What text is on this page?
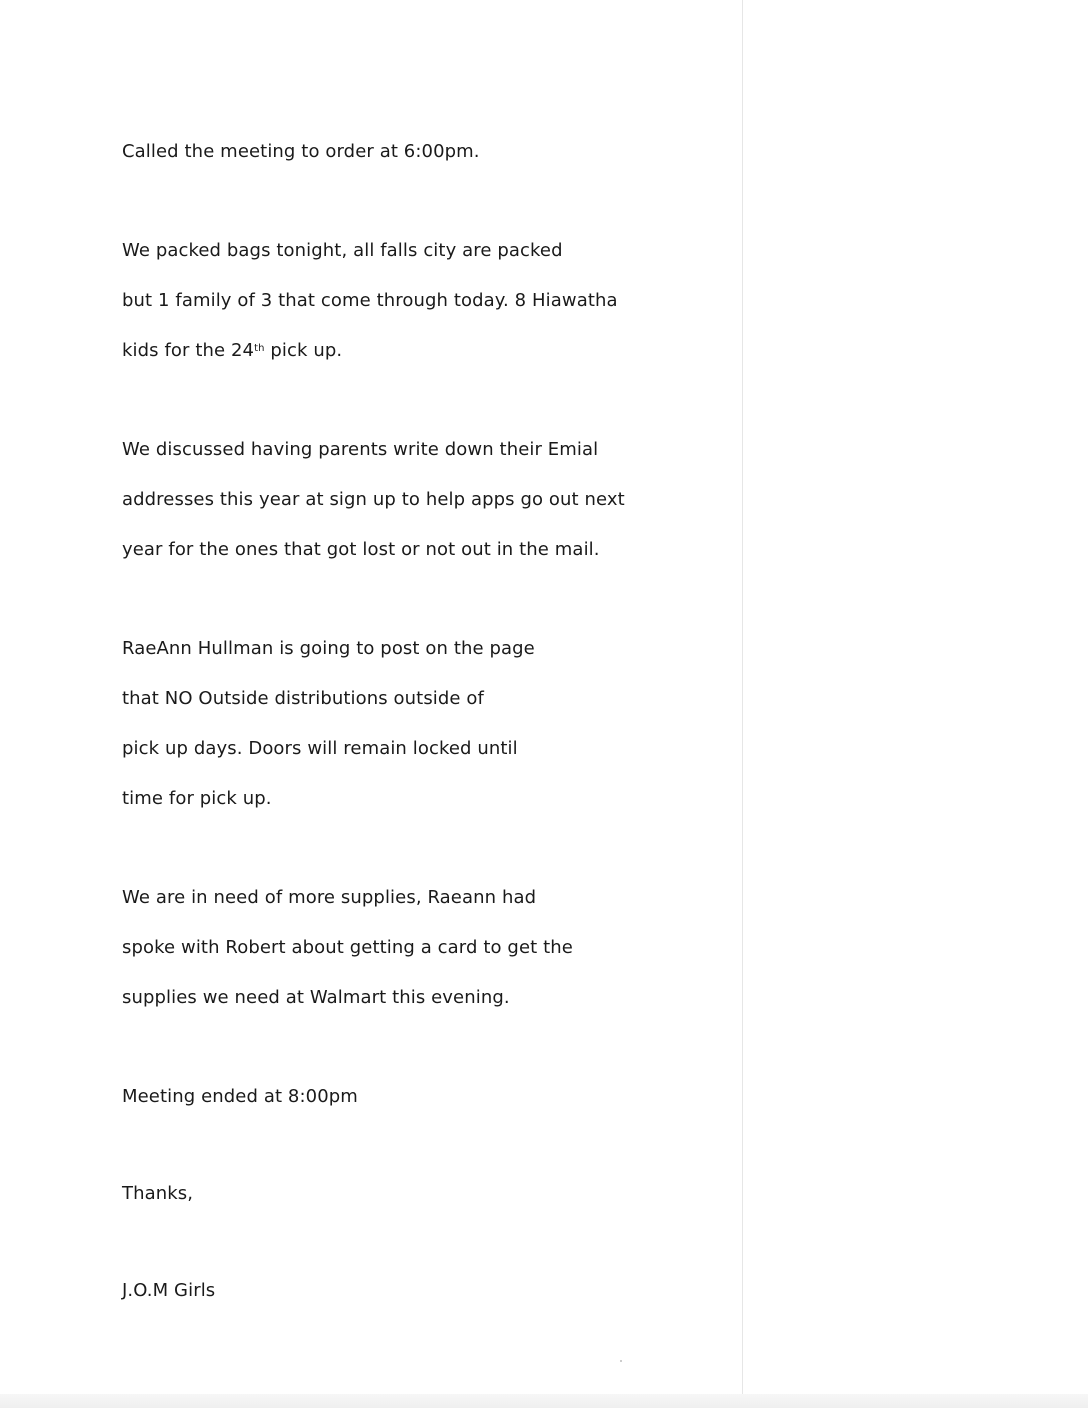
Called the meeting to order at 6:00pm.

We packed bags tonight, all falls city are packed

but 1 family of 3 that come through today. 8 Hiawatha

kids for the 24th pick up.

We discussed having parents write down their Emial

addresses this year at sign up to help apps go out next

year for the ones that got lost or not out in the mail.

RaeAnn Hullman is going to post on the page

that NO Outside distributions outside of

pick up days. Doors will remain locked until

time for pick up.

We are in need of more supplies, Raeann had

spoke with Robert about getting a card to get the

supplies we need at Walmart this evening.

Meeting ended at 8:00pm

Thanks,

J.O.M Girls
